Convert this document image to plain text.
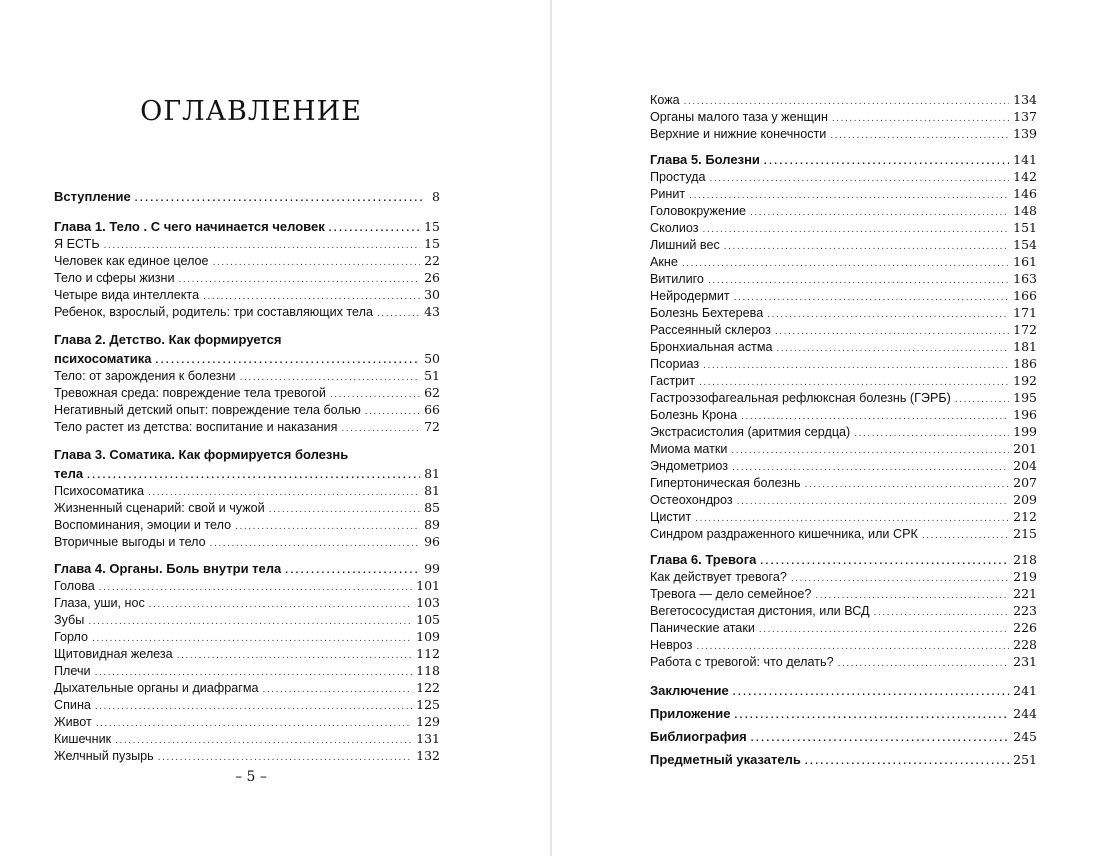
ОГЛАВЛЕНИЕ
Вступление .....	8
Глава 1. Тело . С чего начинается человек .....	15
Я ЕСТЬ .....	15
Человек как единое целое .....	22
Тело и сферы жизни .....	26
Четыре вида интеллекта .....	30
Ребенок, взрослый, родитель: три составляющих тела .....	43
Глава 2. Детство. Как формируется
психосоматика .....	50
Тело: от зарождения к болезни .....	51
Тревожная среда: повреждение тела тревогой .....	62
Негативный детский опыт: повреждение тела болью .....	66
Тело растет из детства: воспитание и наказания .....	72
Глава 3. Соматика. Как формируется болезнь
тела .....	81
Психосоматика .....	81
Жизненный сценарий: свой и чужой .....	85
Воспоминания, эмоции и тело .....	89
Вторичные выгоды и тело .....	96
Глава 4. Органы. Боль внутри тела .....	99
Голова .....	101
Глаза, уши, нос .....	103
Зубы .....	105
Горло .....	109
Щитовидная железа .....	112
Плечи .....	118
Дыхательные органы и диафрагма .....	122
Спина .....	125
Живот .....	129
Кишечник .....	131
Желчный пузырь .....	132
– 5 –
Кожа .....	134
Органы малого таза у женщин .....	137
Верхние и нижние конечности .....	139
Глава 5. Болезни .....	141
Простуда .....	142
Ринит .....	146
Головокружение .....	148
Сколиоз .....	151
Лишний вес .....	154
Акне .....	161
Витилиго .....	163
Нейродермит .....	166
Болезнь Бехтерева .....	171
Рассеянный склероз .....	172
Бронхиальная астма .....	181
Псориаз .....	186
Гастрит .....	192
Гастроэзофагеальная рефлюксная болезнь (ГЭРБ) .....	195
Болезнь Крона .....	196
Экстрасистолия (аритмия сердца) .....	199
Миома матки .....	201
Эндометриоз .....	204
Гипертоническая болезнь .....	207
Остеохондроз .....	209
Цистит .....	212
Синдром раздраженного кишечника, или СРК .....	215
Глава 6. Тревога .....	218
Как действует тревога? .....	219
Тревога — дело семейное? .....	221
Вегетососудистая дистония, или ВСД .....	223
Панические атаки .....	226
Невроз .....	228
Работа с тревогой: что делать? .....	231
Заключение .....	241
Приложение .....	244
Библиография .....	245
Предметный указатель .....	251
